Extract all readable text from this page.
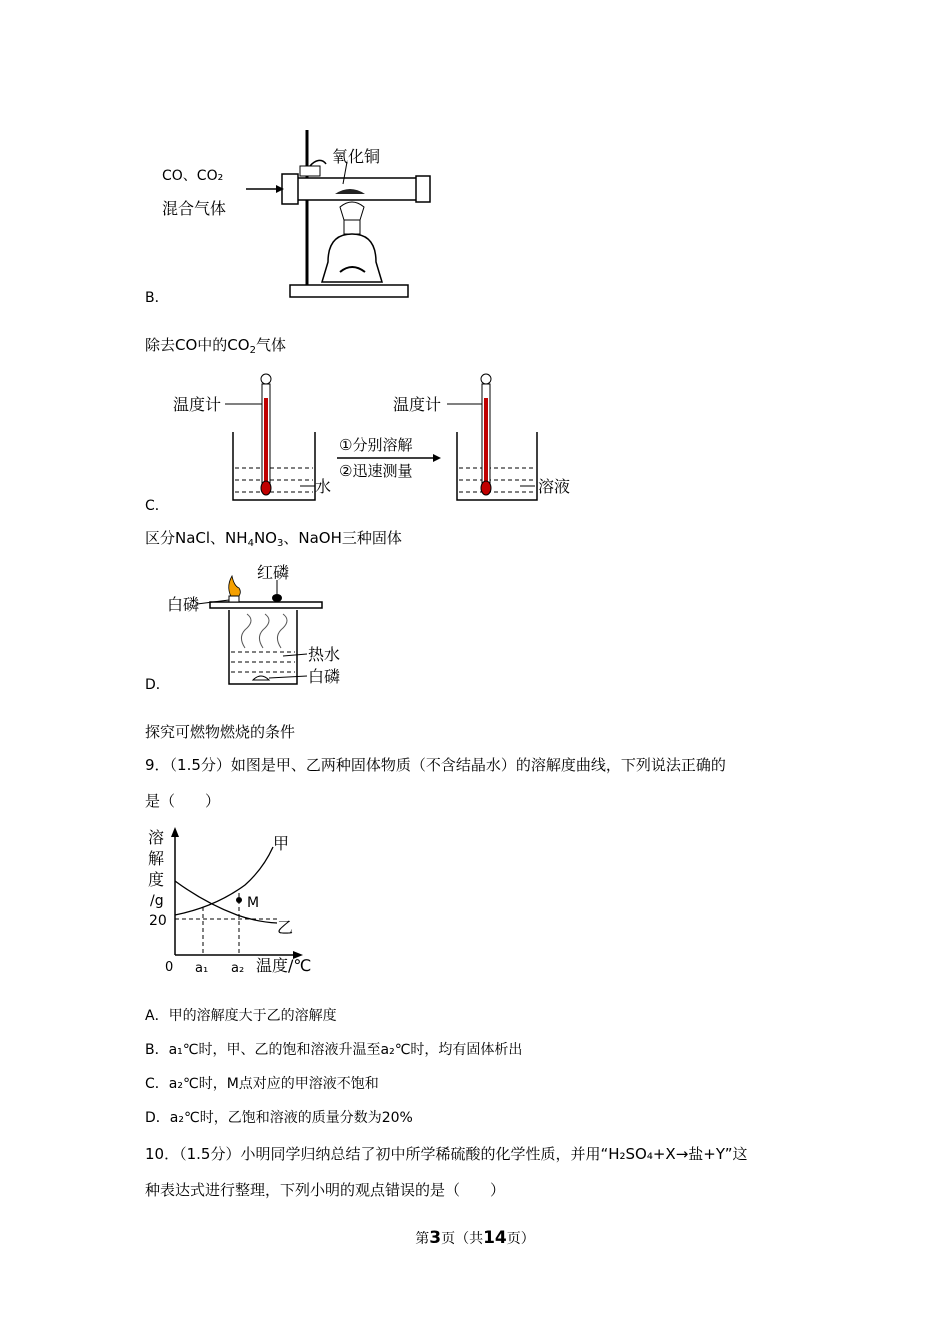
CO、CO₂
混合气体
氧化铜
B．
除去CO中的$CO_2$气体
温度计
水
①分别溶解
②迅速测量
温度计
溶液
C．
区分NaCl、$NH_4NO_3$、NaOH三种固体
红磷
白磷
热水
白磷
D．
探究可燃物燃烧的条件
9．（1.5分）如图是甲、乙两种固体物质（不含结晶水）的溶解度曲线，下列说法正确的
是（　　）
溶
解
度
/g
20
0 a₁ a₂ 温度/℃
甲
乙
M
A．甲的溶解度大于乙的溶解度
B．a₁℃时，甲、乙的饱和溶液升温至a₂℃时，均有固体析出
C．a₂℃时，M点对应的甲溶液不饱和
D．a₂℃时，乙饱和溶液的质量分数为20%
10．（1.5分）小明同学归纳总结了初中所学稀硫酸的化学性质，并用“H₂SO₄+X→盐+Y”这
种表达式进行整理，下列小明的观点错误的是（　　）
第3页（共14页）
